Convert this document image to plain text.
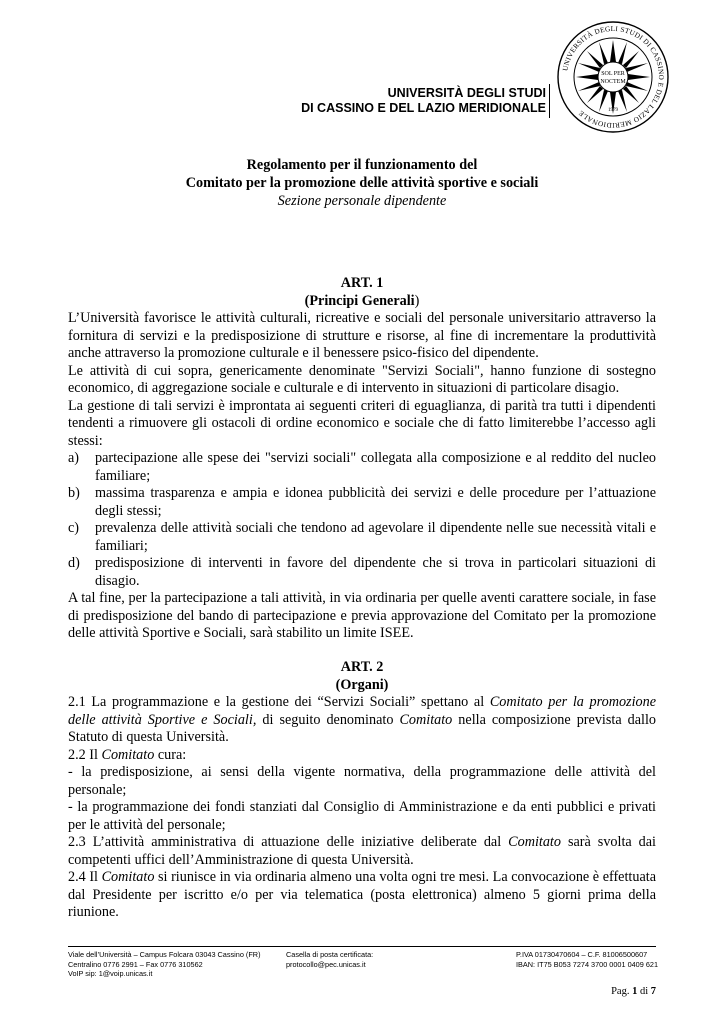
UNIVERSITÀ DEGLI STUDI
DI CASSINO E DEL LAZIO MERIDIONALE
UNIVERSITÀ DEGLI STUDI DI CASSINO E DEL LAZIO MERIDIONALE
SOL PER
NOCTEM
1979
Regolamento per il funzionamento del
Comitato per la promozione delle attività sportive e sociali
Sezione personale dipendente

ART. 1

(Principi Generali)

L’Università favorisce le attività culturali, ricreative e sociali del personale universitario attraverso la fornitura di servizi e la predisposizione di strutture e risorse, al fine di incrementare la produttività anche attraverso la promozione culturale e il benessere psico-fisico del dipendente.

Le attività di cui sopra, genericamente denominate "Servizi Sociali", hanno funzione di sostegno economico, di aggregazione sociale e culturale e di intervento in situazioni di particolare disagio.

La gestione di tali servizi è improntata ai seguenti criteri di eguaglianza, di parità tra tutti i dipendenti tendenti a rimuovere gli ostacoli di ordine economico e sociale che di fatto limiterebbe l’accesso agli stessi:

a)	partecipazione alle spese dei "servizi sociali" collegata alla composizione e al reddito del nucleo familiare;
b)	massima trasparenza e ampia e idonea pubblicità dei servizi e delle procedure per l’attuazione degli stessi;
c)	prevalenza delle attività sociali che tendono ad agevolare il dipendente nelle sue necessità vitali e familiari;
d)	predisposizione di interventi in favore del dipendente che si trova in particolari situazioni di disagio.

A tal fine, per la partecipazione a tali attività, in via ordinaria per quelle aventi carattere sociale, in fase di predisposizione del bando di partecipazione e previa approvazione del Comitato per la promozione delle attività Sportive e Sociali, sarà stabilito un limite ISEE.

ART. 2

(Organi)

2.1 La programmazione e la gestione dei “Servizi Sociali” spettano al Comitato per la promozione delle attività Sportive e Sociali, di seguito denominato Comitato nella composizione prevista dallo Statuto di questa Università.

2.2 Il Comitato cura:

- la predisposizione, ai sensi della vigente normativa, della programmazione delle attività del personale;

- la programmazione dei fondi stanziati dal Consiglio di Amministrazione e da enti pubblici e privati per le attività del personale;

2.3 L’attività amministrativa di attuazione delle iniziative deliberate dal Comitato sarà svolta dai competenti uffici dell’Amministrazione di questa Università.

2.4 Il Comitato si riunisce in via ordinaria almeno una volta ogni tre mesi. La convocazione è effettuata dal Presidente per iscritto e/o per via telematica (posta elettronica) almeno 5 giorni prima della riunione.

Viale dell’Università – Campus Folcara 03043 Cassino (FR)
Centralino 0776 2991 – Fax 0776 310562
VoIP sip: 1@voip.unicas.it
Casella di posta certificata:
protocollo@pec.unicas.it
P.IVA 01730470604 – C.F. 81006500607
IBAN: IT75 B053 7274 3700 0001 0409 621
Pag. 1 di 7
